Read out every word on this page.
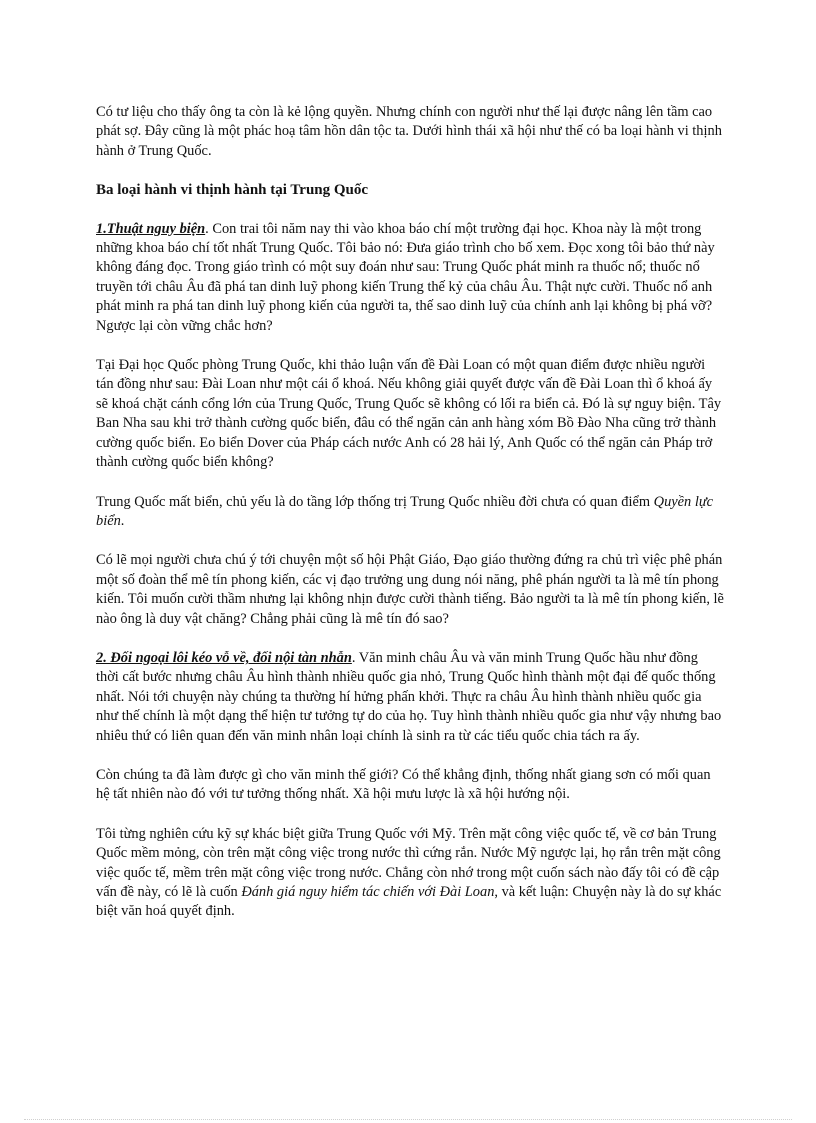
Có tư liệu cho thấy ông ta còn là kẻ lộng quyền. Nhưng chính con người như thế lại được nâng lên tầm cao phát sợ. Đây cũng là một phác hoạ tâm hồn dân tộc ta. Dưới hình thái xã hội như thế có ba loại hành vi thịnh hành ở Trung Quốc.

Ba loại hành vi thịnh hành tại Trung Quốc

1.Thuật nguy biện. Con trai tôi năm nay thi vào khoa báo chí một trường đại học. Khoa này là một trong những khoa báo chí tốt nhất Trung Quốc. Tôi bảo nó: Đưa giáo trình cho bố xem. Đọc xong tôi bảo thứ này không đáng đọc. Trong giáo trình có một suy đoán như sau: Trung Quốc phát minh ra thuốc nổ; thuốc nổ truyền tới châu Âu đã phá tan dinh luỹ phong kiến Trung thế kỷ của châu Âu. Thật nực cười. Thuốc nổ anh phát minh ra phá tan dinh luỹ phong kiến của người ta, thế sao dinh luỹ của chính anh lại không bị phá vỡ? Ngược lại còn vững chắc hơn?

Tại Đại học Quốc phòng Trung Quốc, khi thảo luận vấn đề Đài Loan có một quan điểm được nhiều người tán đồng như sau: Đài Loan như một cái ổ khoá. Nếu không giải quyết được vấn đề Đài Loan thì ổ khoá ấy sẽ khoá chặt cánh cổng lớn của Trung Quốc, Trung Quốc sẽ không có lối ra biển cả. Đó là sự nguy biện. Tây Ban Nha sau khi trở thành cường quốc biển, đâu có thể ngăn cản anh hàng xóm Bồ Đào Nha cũng trở thành cường quốc biển. Eo biển Dover của Pháp cách nước Anh có 28 hải lý, Anh Quốc có thể ngăn cản Pháp trở thành cường quốc biển không?

Trung Quốc mất biển, chủ yếu là do tầng lớp thống trị Trung Quốc nhiều đời chưa có quan điểm Quyền lực biển.

Có lẽ mọi người chưa chú ý tới chuyện một số hội Phật Giáo, Đạo giáo thường đứng ra chủ trì việc phê phán một số đoàn thể mê tín phong kiến, các vị đạo trưởng ung dung nói năng, phê phán người ta là mê tín phong kiến. Tôi muốn cười thầm nhưng lại không nhịn được cười thành tiếng. Bảo người ta là mê tín phong kiến, lẽ nào ông là duy vật chăng? Chẳng phải cũng là mê tín đó sao?

2. Đối ngoại lôi kéo vỗ về, đối nội tàn nhẫn. Văn minh châu Âu và văn minh Trung Quốc hầu như đồng thời cất bước nhưng châu Âu hình thành nhiều quốc gia nhỏ, Trung Quốc hình thành một đại đế quốc thống nhất. Nói tới chuyện này chúng ta thường hí hửng phấn khởi. Thực ra châu Âu hình thành nhiều quốc gia như thế chính là một dạng thể hiện tư tưởng tự do của họ. Tuy hình thành nhiều quốc gia như vậy nhưng bao nhiêu thứ có liên quan đến văn minh nhân loại chính là sinh ra từ các tiểu quốc chia tách ra ấy.

Còn chúng ta đã làm được gì cho văn minh thế giới? Có thể khẳng định, thống nhất giang sơn có mối quan hệ tất nhiên nào đó với tư tưởng thống nhất. Xã hội mưu lược là xã hội hướng nội.

Tôi từng nghiên cứu kỹ sự khác biệt giữa Trung Quốc với Mỹ. Trên mặt công việc quốc tế, về cơ bản Trung Quốc mềm mỏng, còn trên mặt công việc trong nước thì cứng rắn. Nước Mỹ ngược lại, họ rắn trên mặt công việc quốc tế, mềm trên mặt công việc trong nước. Chẳng còn nhớ trong một cuốn sách nào đấy tôi có đề cập vấn đề này, có lẽ là cuốn Đánh giá nguy hiểm tác chiến với Đài Loan, và kết luận: Chuyện này là do sự khác biệt văn hoá quyết định.
